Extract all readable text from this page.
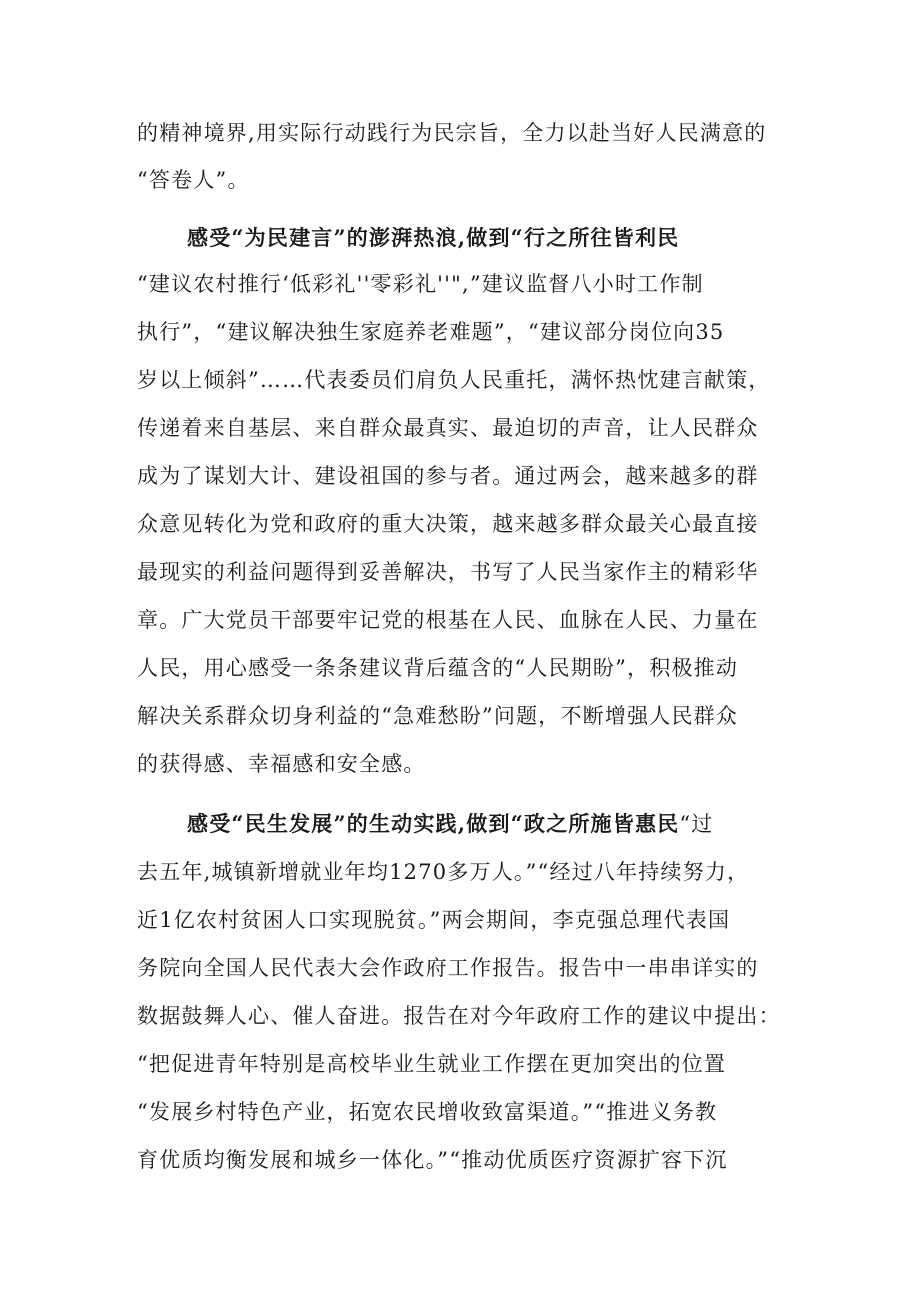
的精神境界,用实际行动践行为民宗旨，全力以赴当好人民满意的
“答卷人”。
感受“为民建言”的澎湃热浪,做到“行之所往皆利民
“建议农村推行‘低彩礼''零彩礼''",”建议监督八小时工作制
执行”，“建议解决独生家庭养老难题”，“建议部分岗位向35
岁以上倾斜”……代表委员们肩负人民重托，满怀热忱建言献策，
传递着来自基层、来自群众最真实、最迫切的声音，让人民群众
成为了谋划大计、建设祖国的参与者。通过两会，越来越多的群
众意见转化为党和政府的重大决策，越来越多群众最关心最直接
最现实的利益问题得到妥善解决，书写了人民当家作主的精彩华
章。广大党员干部要牢记党的根基在人民、血脉在人民、力量在
人民，用心感受一条条建议背后蕴含的“人民期盼”，积极推动
解决关系群众切身利益的“急难愁盼”问题，不断增强人民群众
的获得感、幸福感和安全感。
感受“民生发展”的生动实践,做到“政之所施皆惠民“过
去五年,城镇新增就业年均1270多万人。”“经过八年持续努力，
近1亿农村贫困人口实现脱贫。”两会期间，李克强总理代表国
务院向全国人民代表大会作政府工作报告。报告中一串串详实的
数据鼓舞人心、催人奋进。报告在对今年政府工作的建议中提出：
“把促进青年特别是高校毕业生就业工作摆在更加突出的位置
“发展乡村特色产业，拓宽农民增收致富渠道。”“推进义务教
育优质均衡发展和城乡一体化。”“推动优质医疗资源扩容下沉
